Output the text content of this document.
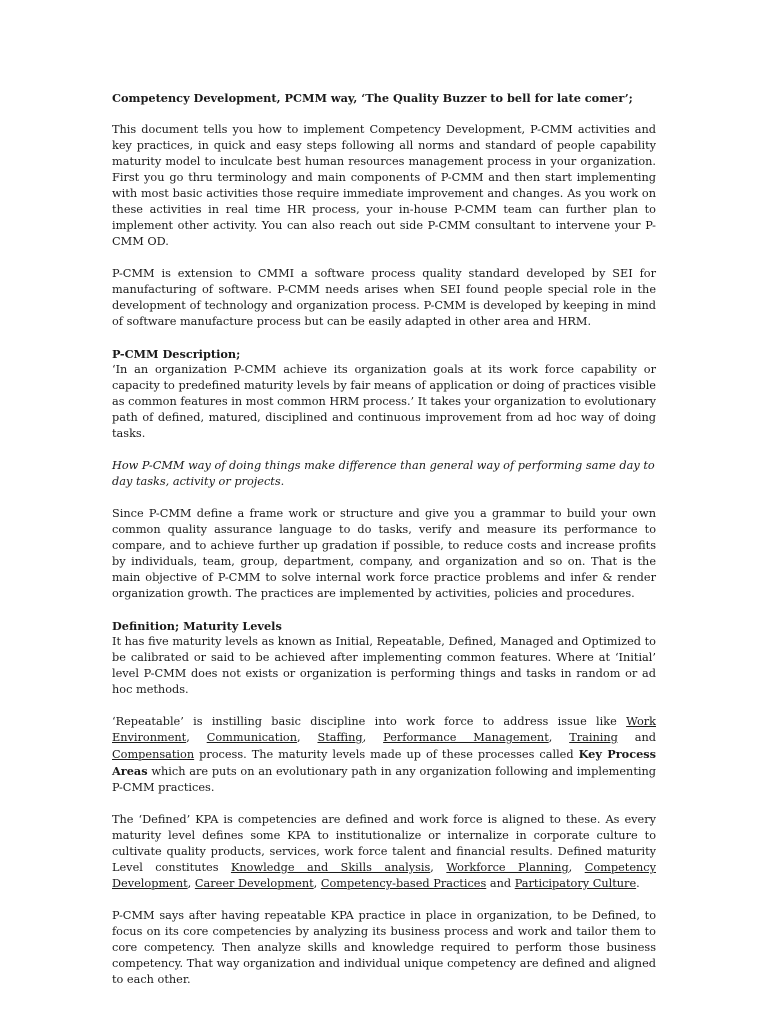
Competency Development, PCMM way, ‘The Quality Buzzer to bell for late comer’;

This document tells you how to implement Competency Development, P-CMM activities and key practices, in quick and easy steps following all norms and standard of people capability maturity model to inculcate best human resources management process in your organization. First you go thru terminology and main components of P-CMM and then start implementing with most basic activities those require immediate improvement and changes. As you work on these activities in real time HR process, your in-house P-CMM team can further plan to implement other activity. You can also reach out side P-CMM consultant to intervene your P-CMM OD.

P-CMM is extension to CMMI a software process quality standard developed by SEI for manufacturing of software. P-CMM needs arises when SEI found people special role in the development of technology and organization process. P-CMM is developed by keeping in mind of software manufacture process but can be easily adapted in other area and HRM.

P-CMM Description;

‘In an organization P-CMM achieve its organization goals at its work force capability or capacity to predefined maturity levels by fair means of application or doing of practices visible as common features in most common HRM process.’ It takes your organization to evolutionary path of defined, matured, disciplined and continuous improvement from ad hoc way of doing tasks.

How P-CMM way of doing things make difference than general way of performing same day to day tasks, activity or projects.

Since P-CMM define a frame work or structure and give you a grammar to build your own common quality assurance language to do tasks, verify and measure its performance to compare, and to achieve further up gradation if possible, to reduce costs and increase profits by individuals, team, group, department, company, and organization and so on. That is the main objective of P-CMM to solve internal work force practice problems and infer & render organization growth. The practices are implemented by activities, policies and procedures.

Definition; Maturity Levels

It has five maturity levels as known as Initial, Repeatable, Defined, Managed and Optimized to be calibrated or said to be achieved after implementing common features. Where at ‘Initial’ level P-CMM does not exists or organization is performing things and tasks in random or ad hoc methods.

‘Repeatable’ is instilling basic discipline into work force to address issue like Work Environment, Communication, Staffing, Performance Management, Training and Compensation process. The maturity levels made up of these processes called Key Process Areas which are puts on an evolutionary path in any organization following and implementing P-CMM practices.

The ‘Defined’ KPA is competencies are defined and work force is aligned to these. As every maturity level defines some KPA to institutionalize or internalize in corporate culture to cultivate quality products, services, work force talent and financial results. Defined maturity Level constitutes Knowledge and Skills analysis, Workforce Planning, Competency Development, Career Development, Competency-based Practices and Participatory Culture.

P-CMM says after having repeatable KPA practice in place in organization, to be Defined, to focus on its core competencies by analyzing its business process and work and tailor them to core competency. Then analyze skills and knowledge required to perform those business competency. That way organization and individual unique competency are defined and aligned to each other.
